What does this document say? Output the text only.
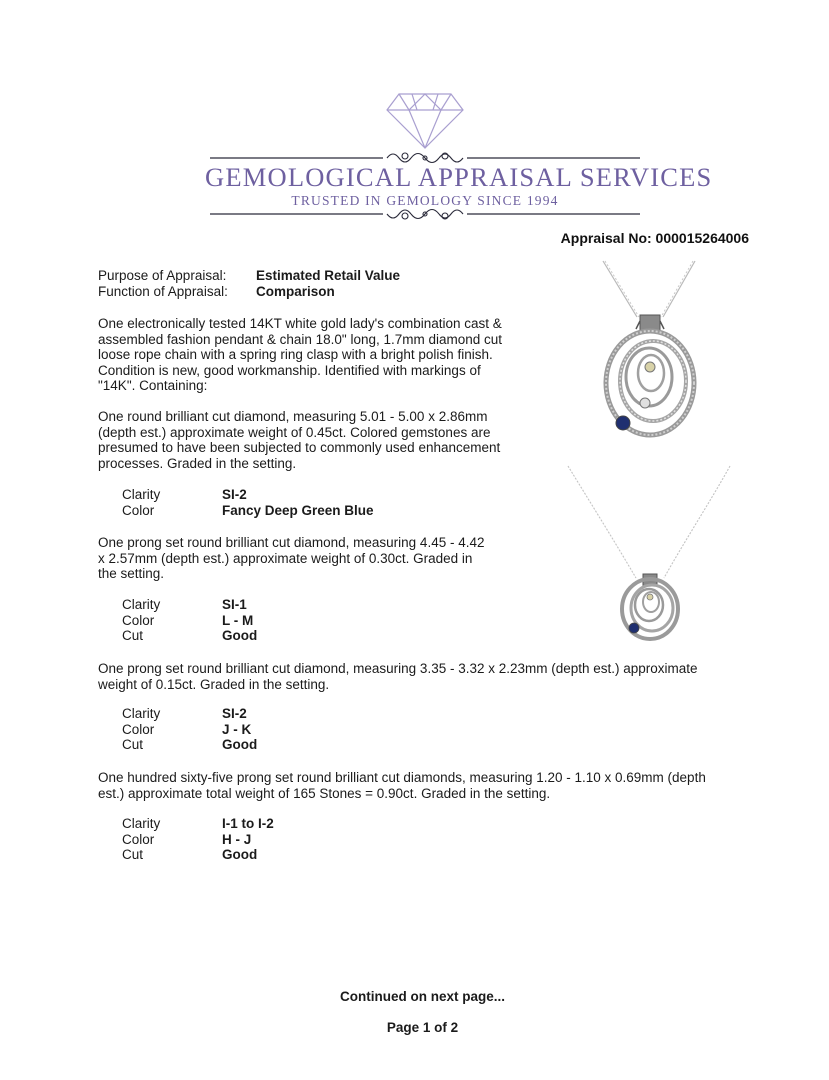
GEMOLOGICAL APPRAISAL SERVICES
TRUSTED IN GEMOLOGY SINCE 1994
Appraisal No: 000015264006
Purpose of Appraisal:	Estimated Retail Value
Function of Appraisal:	Comparison

One electronically tested 14KT white gold lady's combination cast & assembled fashion pendant & chain 18.0" long, 1.7mm diamond cut loose rope chain with a spring ring clasp with a bright polish finish. Condition is new, good workmanship. Identified with markings of "14K". Containing:

One round brilliant cut diamond, measuring 5.01 - 5.00 x 2.86mm (depth est.) approximate weight of 0.45ct. Colored gemstones are presumed to have been subjected to commonly used enhancement processes. Graded in the setting.

Clarity	SI-2
Color	Fancy Deep Green Blue

One prong set round brilliant cut diamond, measuring 4.45 - 4.42 x 2.57mm (depth est.) approximate weight of 0.30ct. Graded in the setting.

Clarity	SI-1
Color	L - M
Cut	Good

One prong set round brilliant cut diamond, measuring 3.35 - 3.32 x 2.23mm (depth est.) approximate weight of 0.15ct. Graded in the setting.

Clarity	SI-2
Color	J - K
Cut	Good

One hundred sixty-five prong set round brilliant cut diamonds, measuring 1.20 - 1.10 x 0.69mm (depth est.) approximate total weight of 165 Stones = 0.90ct. Graded in the setting.

Clarity	I-1 to I-2
Color	H - J
Cut	Good
Continued on next page...
Page 1 of 2
